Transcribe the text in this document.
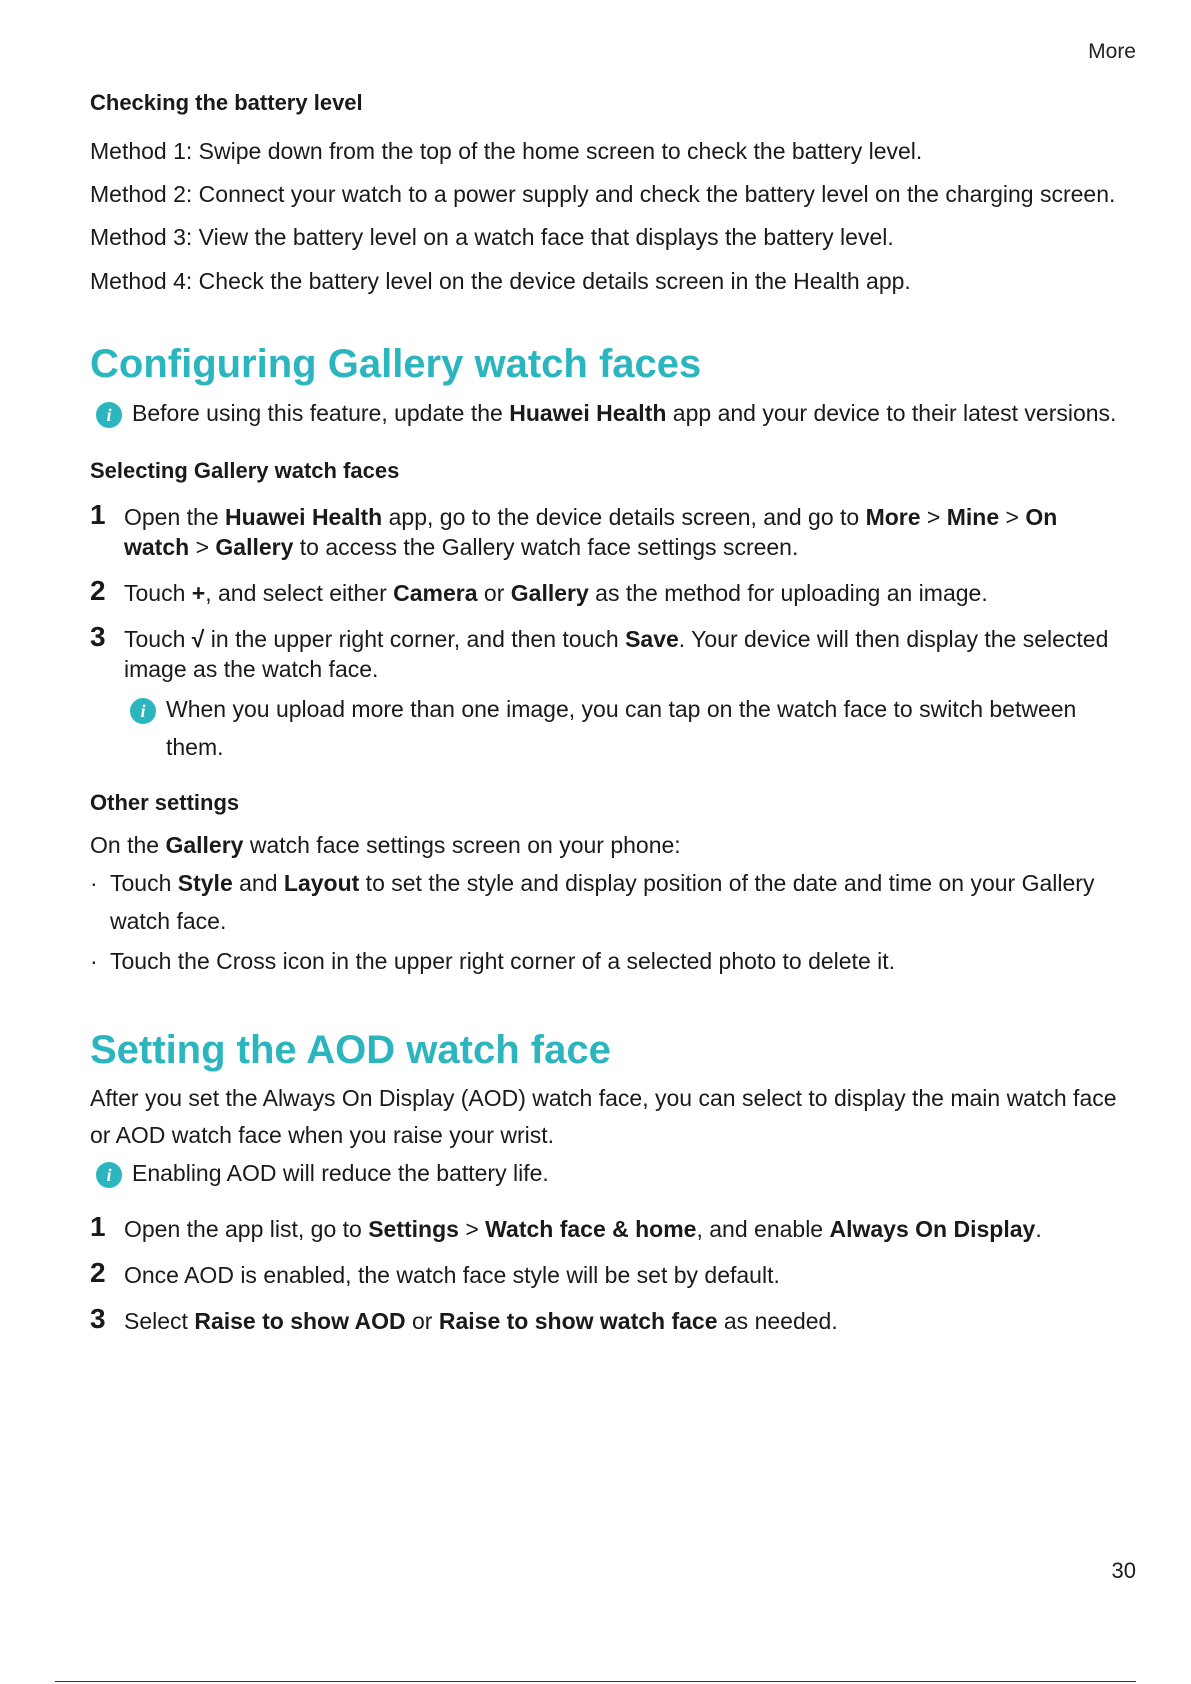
More
Checking the battery level
Method 1: Swipe down from the top of the home screen to check the battery level.
Method 2: Connect your watch to a power supply and check the battery level on the charging screen.
Method 3: View the battery level on a watch face that displays the battery level.
Method 4: Check the battery level on the device details screen in the Health app.
Configuring Gallery watch faces
i Before using this feature, update the Huawei Health app and your device to their latest versions.
Selecting Gallery watch faces
1 Open the Huawei Health app, go to the device details screen, and go to More > Mine > On watch > Gallery to access the Gallery watch face settings screen.
2 Touch +, and select either Camera or Gallery as the method for uploading an image.
3 Touch √ in the upper right corner, and then touch Save. Your device will then display the selected image as the watch face.
i When you upload more than one image, you can tap on the watch face to switch between them.
Other settings
On the Gallery watch face settings screen on your phone:
· Touch Style and Layout to set the style and display position of the date and time on your Gallery watch face.
· Touch the Cross icon in the upper right corner of a selected photo to delete it.
Setting the AOD watch face
After you set the Always On Display (AOD) watch face, you can select to display the main watch face or AOD watch face when you raise your wrist.
i Enabling AOD will reduce the battery life.
1 Open the app list, go to Settings > Watch face & home, and enable Always On Display.
2 Once AOD is enabled, the watch face style will be set by default.
3 Select Raise to show AOD or Raise to show watch face as needed.
30
